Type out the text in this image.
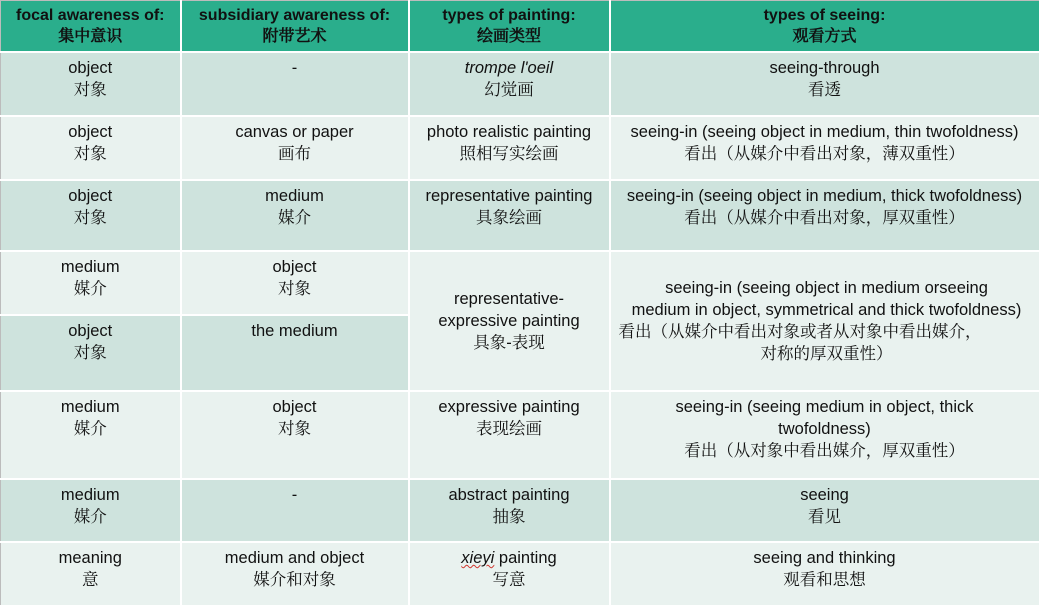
focal awareness of:
集中意识	subsidiary awareness of:
附带艺术	types of painting:
绘画类型	types of seeing:
观看方式

object
对象	-	trompe l'oeil
幻觉画	seeing-through
看透

object
对象	canvas or paper
画布	photo realistic painting
照相写实绘画	seeing-in (seeing object in medium, thin twofoldness)
看出（从媒介中看出对象，薄双重性）

object
对象	medium
媒介	representative painting
具象绘画	seeing-in (seeing object in medium, thick twofoldness)
看出（从媒介中看出对象，厚双重性）

medium
媒介	object
对象	representative-
expressive painting
具象-表现	seeing-in (seeing object in medium orseeing
medium in object, symmetrical and thick twofoldness)
看出（从媒介中看出对象或者从对象中看出媒介，
对称的厚双重性）

object
对象	the medium		

medium
媒介	object
对象	expressive painting
表现绘画	seeing-in (seeing medium in object, thick
twofoldness)
看出（从对象中看出媒介，厚双重性）

medium
媒介	-	abstract painting
抽象	seeing
看见

meaning
意	medium and object
媒介和对象	xieyi painting
写意	seeing and thinking
观看和思想
